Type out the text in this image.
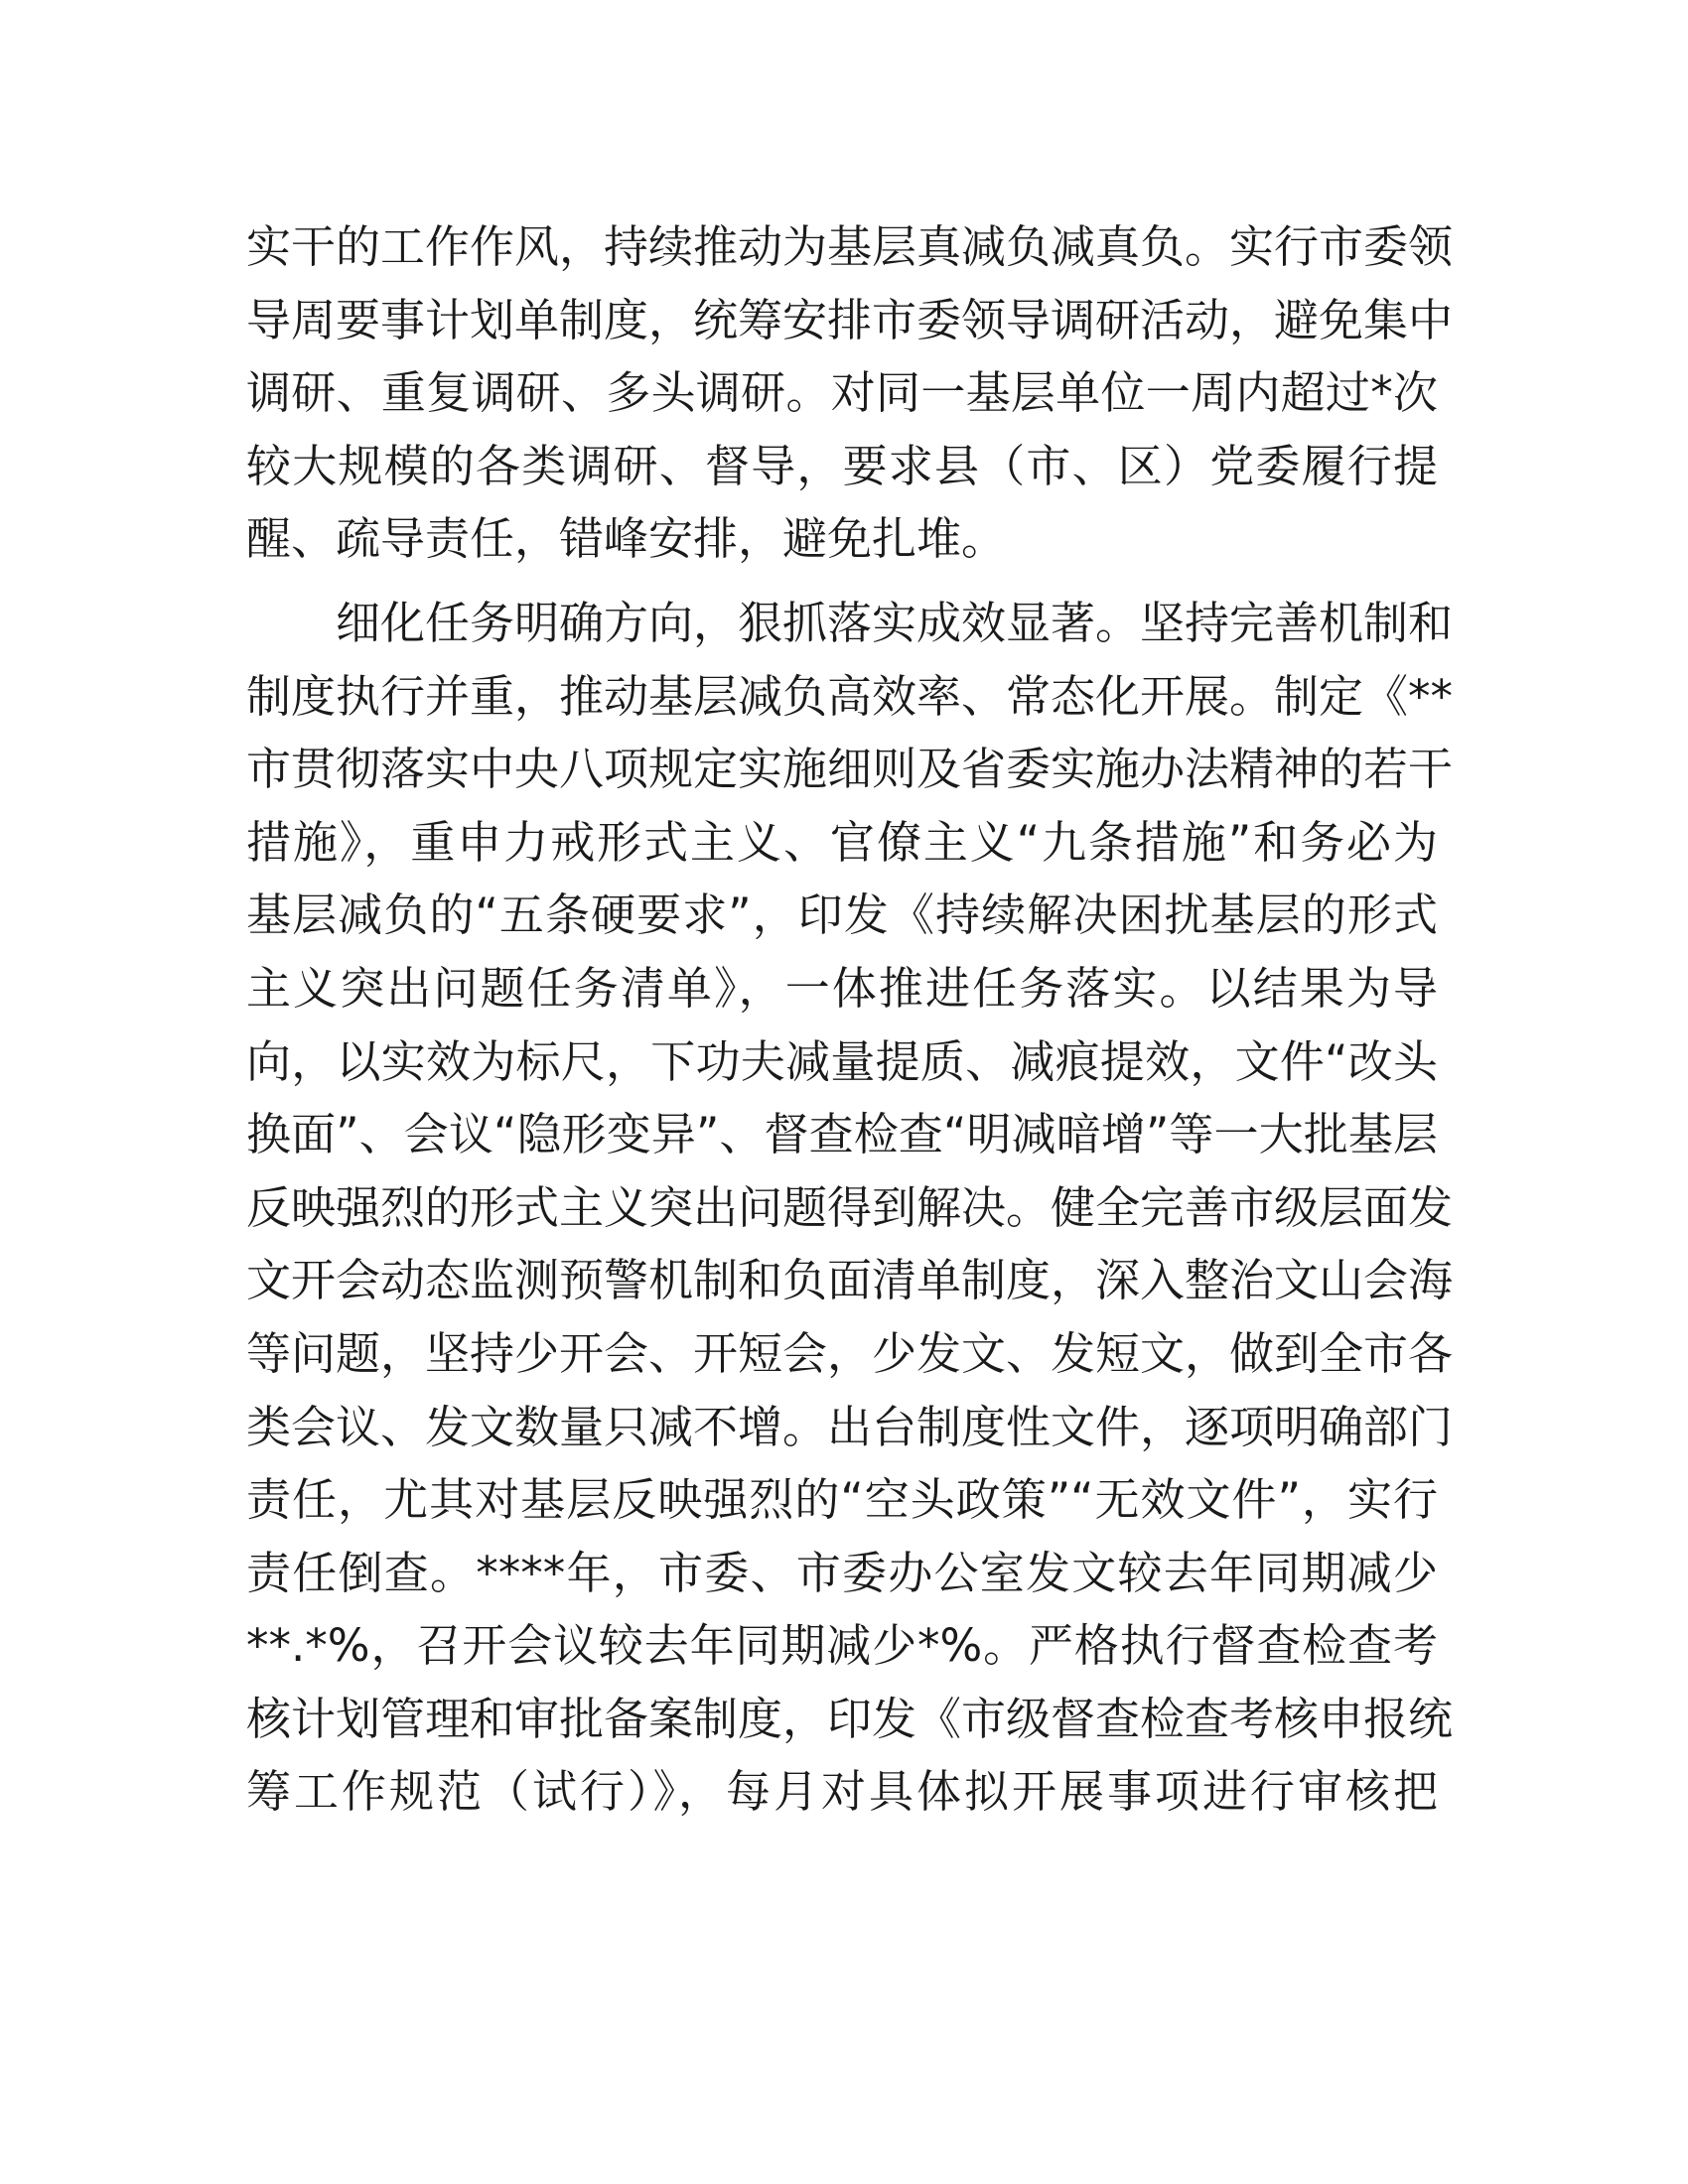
实干的工作作风，持续推动为基层真减负减真负。实行市委领
导周要事计划单制度，统筹安排市委领导调研活动，避免集中
调研、重复调研、多头调研。对同一基层单位一周内超过*次
较大规模的各类调研、督导，要求县（市、区）党委履行提
醒、疏导责任，错峰安排，避免扎堆。
细化任务明确方向，狠抓落实成效显著。坚持完善机制和
制度执行并重，推动基层减负高效率、常态化开展。制定《**
市贯彻落实中央八项规定实施细则及省委实施办法精神的若干
措施》，重申力戒形式主义、官僚主义“九条措施”和务必为
基层减负的“五条硬要求”，印发《持续解决困扰基层的形式
主义突出问题任务清单》，一体推进任务落实。以结果为导
向，以实效为标尺，下功夫减量提质、减痕提效，文件“改头
换面”、会议“隐形变异”、督查检查“明减暗增”等一大批基层
反映强烈的形式主义突出问题得到解决。健全完善市级层面发
文开会动态监测预警机制和负面清单制度，深入整治文山会海
等问题，坚持少开会、开短会，少发文、发短文，做到全市各
类会议、发文数量只减不增。出台制度性文件，逐项明确部门
责任，尤其对基层反映强烈的“空头政策”“无效文件”，实行
责任倒查。****年，市委、市委办公室发文较去年同期减少
**.*%，召开会议较去年同期减少*%。严格执行督查检查考
核计划管理和审批备案制度，印发《市级督查检查考核申报统
筹工作规范（试行）》，每月对具体拟开展事项进行审核把
